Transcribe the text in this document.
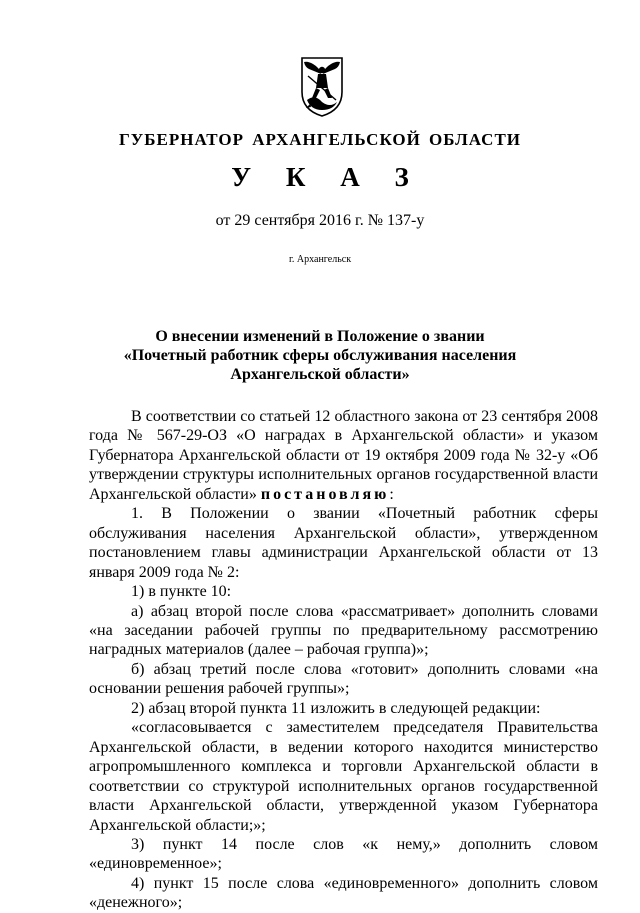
ГУБЕРНАТОР АРХАНГЕЛЬСКОЙ ОБЛАСТИ
У К А З
от 29 сентября 2016 г. № 137-у
г. Архангельск
О внесении изменений в Положение о звании
«Почетный работник сферы обслуживания населения
Архангельской области»

В соответствии со статьей 12 областного закона от 23 сентября 2008 года № 567-29-ОЗ «О наградах в Архангельской области» и указом Губернатора Архангельской области от 19 октября 2009 года № 32-у «Об утверждении структуры исполнительных органов государственной власти Архангельской области» постановляю:

1. В Положении о звании «Почетный работник сферы обслуживания населения Архангельской области», утвержденном постановлением главы администрации Архангельской области от 13 января 2009 года № 2:

1) в пункте 10:

а) абзац второй после слова «рассматривает» дополнить словами «на заседании рабочей группы по предварительному рассмотрению наградных материалов (далее – рабочая группа)»;

б) абзац третий после слова «готовит» дополнить словами «на основании решения рабочей группы»;

2) абзац второй пункта 11 изложить в следующей редакции:

«согласовывается с заместителем председателя Правительства Архангельской области, в ведении которого находится министерство агропромышленного комплекса и торговли Архангельской области в соответствии со структурой исполнительных органов государственной власти Архангельской области, утвержденной указом Губернатора Архангельской области;»;

3) пункт 14 после слов «к нему,» дополнить словом «единовременное»;

4) пункт 15 после слова «единовременного» дополнить словом «денежного»;
